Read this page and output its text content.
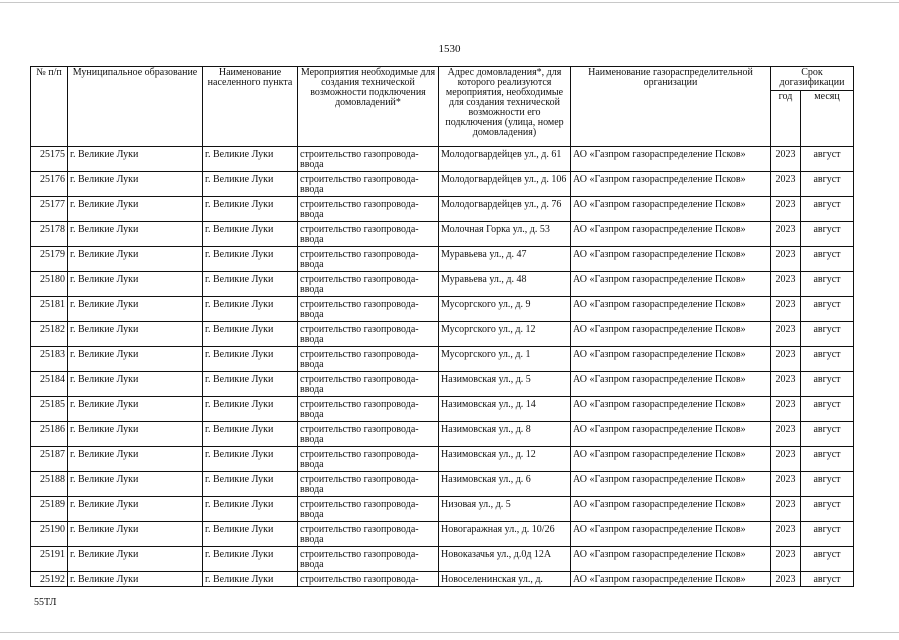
1530
№ п/п	Муниципальное образование	Наименование населенного пункта	Мероприятия необходимые для создания технической возможности подключения домовладений*	Адрес домовладения*, для которого реализуются мероприятия, необходимые для создания технической возможности его подключения (улица, номер домовладения)	Наименование газораспределительной организации	Срок догазификации	
						год	месяц
25175	г. Великие Луки	г. Великие Луки	строительство газопровода-ввода	Молодогвардейцев ул., д. 61	АО «Газпром газораспределение Псков»	2023	август
25176	г. Великие Луки	г. Великие Луки	строительство газопровода-ввода	Молодогвардейцев ул., д. 106	АО «Газпром газораспределение Псков»	2023	август
25177	г. Великие Луки	г. Великие Луки	строительство газопровода-ввода	Молодогвардейцев ул., д. 76	АО «Газпром газораспределение Псков»	2023	август
25178	г. Великие Луки	г. Великие Луки	строительство газопровода-ввода	Молочная Горка ул., д. 53	АО «Газпром газораспределение Псков»	2023	август
25179	г. Великие Луки	г. Великие Луки	строительство газопровода-ввода	Муравьева ул., д. 47	АО «Газпром газораспределение Псков»	2023	август
25180	г. Великие Луки	г. Великие Луки	строительство газопровода-ввода	Муравьева ул., д. 48	АО «Газпром газораспределение Псков»	2023	август
25181	г. Великие Луки	г. Великие Луки	строительство газопровода-ввода	Мусоргского ул., д. 9	АО «Газпром газораспределение Псков»	2023	август
25182	г. Великие Луки	г. Великие Луки	строительство газопровода-ввода	Мусоргского ул., д. 12	АО «Газпром газораспределение Псков»	2023	август
25183	г. Великие Луки	г. Великие Луки	строительство газопровода-ввода	Мусоргского ул., д. 1	АО «Газпром газораспределение Псков»	2023	август
25184	г. Великие Луки	г. Великие Луки	строительство газопровода-ввода	Назимовская ул., д. 5	АО «Газпром газораспределение Псков»	2023	август
25185	г. Великие Луки	г. Великие Луки	строительство газопровода-ввода	Назимовская ул., д. 14	АО «Газпром газораспределение Псков»	2023	август
25186	г. Великие Луки	г. Великие Луки	строительство газопровода-ввода	Назимовская ул., д. 8	АО «Газпром газораспределение Псков»	2023	август
25187	г. Великие Луки	г. Великие Луки	строительство газопровода-ввода	Назимовская ул., д. 12	АО «Газпром газораспределение Псков»	2023	август
25188	г. Великие Луки	г. Великие Луки	строительство газопровода-ввода	Назимовская ул., д. 6	АО «Газпром газораспределение Псков»	2023	август
25189	г. Великие Луки	г. Великие Луки	строительство газопровода-ввода	Низовая ул., д. 5	АО «Газпром газораспределение Псков»	2023	август
25190	г. Великие Луки	г. Великие Луки	строительство газопровода-ввода	Новогаражная ул., д. 10/26	АО «Газпром газораспределение Псков»	2023	август
25191	г. Великие Луки	г. Великие Луки	строительство газопровода-ввода	Новоказачья ул., д.0д 12А	АО «Газпром газораспределение Псков»	2023	август
25192	г. Великие Луки	г. Великие Луки	строительство газопровода-	Новоселенинская ул., д.	АО «Газпром газораспределение Псков»	2023	август
55ТЛ
